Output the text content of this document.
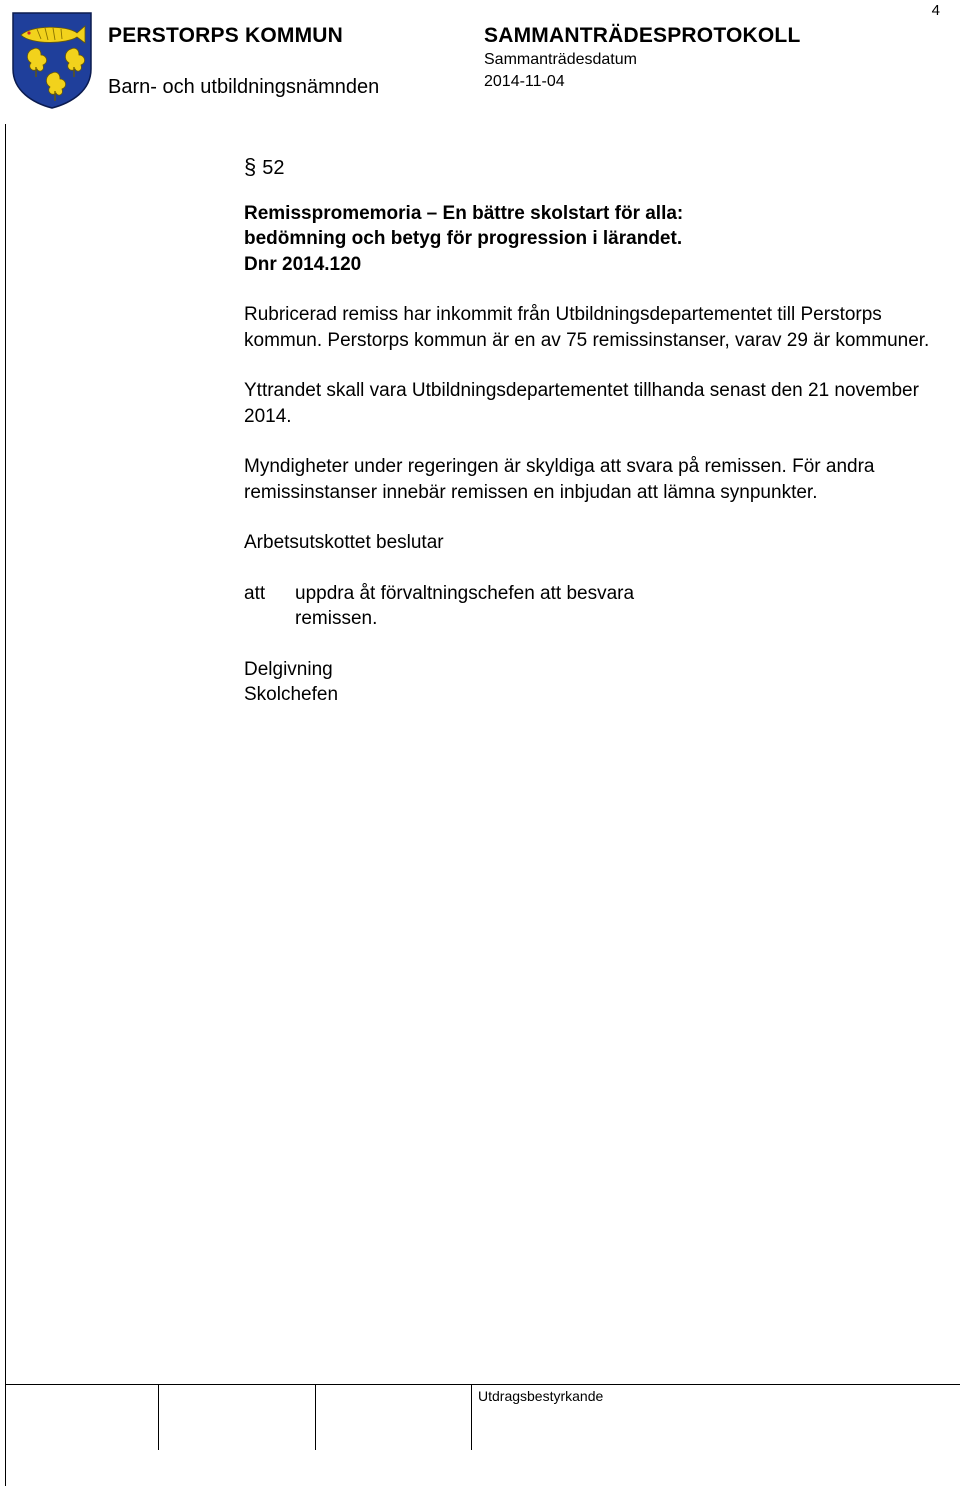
4
PERSTORPS KOMMUN
Barn- och utbildningsnämnden
SAMMANTRÄDESPROTOKOLL
Sammanträdesdatum
2014-11-04

§ 52

Remisspromemoria – En bättre skolstart för alla:
bedömning och betyg för progression i lärandet.
Dnr 2014.120

Rubricerad remiss har inkommit från Utbildningsdepartementet till Perstorps kommun. Perstorps kommun är en av 75 remissinstanser, varav 29 är kommuner.

Yttrandet skall vara Utbildningsdepartementet tillhanda senast den 21 november 2014.

Myndigheter under regeringen är skyldiga att svara på remissen. För andra remissinstanser innebär remissen en inbjudan att lämna synpunkter.

Arbetsutskottet beslutar

att	uppdra åt förvaltningschefen att besvara remissen.

Delgivning
Skolchefen

Utdragsbestyrkande
